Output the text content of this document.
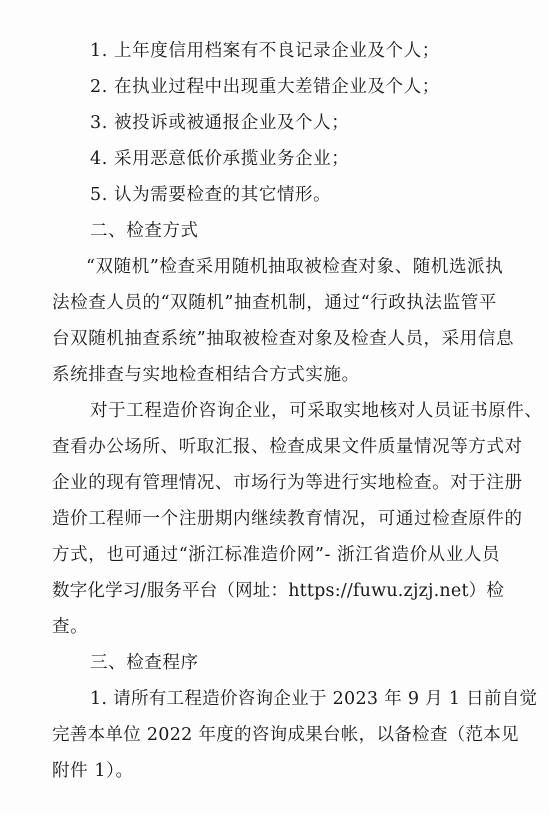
1. 上年度信用档案有不良记录企业及个人；
2. 在执业过程中出现重大差错企业及个人；
3. 被投诉或被通报企业及个人；
4. 采用恶意低价承揽业务企业；
5. 认为需要检查的其它情形。
二、检查方式
“双随机”检查采用随机抽取被检查对象、随机选派执
法检查人员的“双随机”抽查机制，通过“行政执法监管平
台双随机抽查系统”抽取被检查对象及检查人员，采用信息
系统排查与实地检查相结合方式实施。
对于工程造价咨询企业，可采取实地核对人员证书原件、
查看办公场所、听取汇报、检查成果文件质量情况等方式对
企业的现有管理情况、市场行为等进行实地检查。对于注册
造价工程师一个注册期内继续教育情况，可通过检查原件的
方式，也可通过“浙江标准造价网”- 浙江省造价从业人员
数字化学习/服务平台（网址：https://fuwu.zjzj.net）检
查。
三、检查程序
1. 请所有工程造价咨询企业于 2023 年 9 月 1 日前自觉
完善本单位 2022 年度的咨询成果台帐，以备检查（范本见
附件 1）。
